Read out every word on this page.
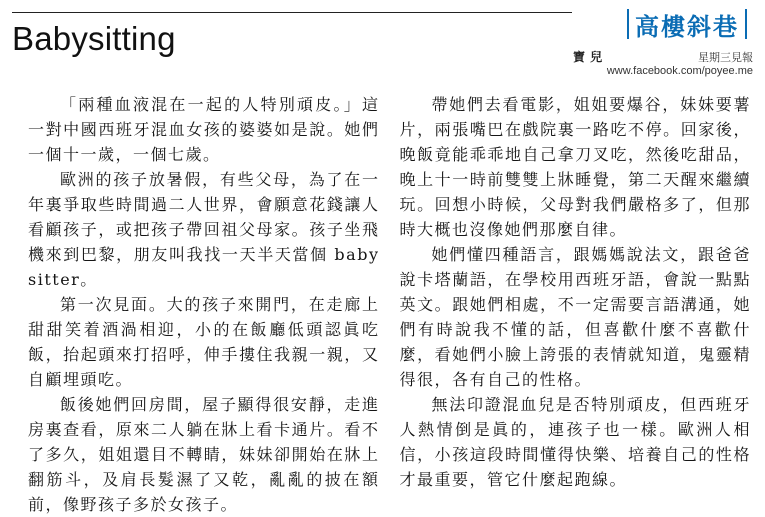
Babysitting	高樓斜巷
寶 兒	星期三見報
www.facebook.com/poyee.me

「兩種血液混在一起的人特別頑皮。」這一對中國西班牙混血女孩的婆婆如是說。她們一個十一歲，一個七歲。

歐洲的孩子放暑假，有些父母，為了在一年裏爭取些時間過二人世界，會願意花錢讓人看顧孩子，或把孩子帶回祖父母家。孩子坐飛機來到巴黎，朋友叫我找一天半天當個 baby sitter。

第一次見面。大的孩子來開門，在走廊上甜甜笑着酒渦相迎，小的在飯廳低頭認眞吃飯，抬起頭來打招呼，伸手摟住我親一親，又自顧埋頭吃。

飯後她們回房間，屋子顯得很安靜，走進房裏查看，原來二人躺在牀上看卡通片。看不了多久，姐姐還目不轉睛，妹妹卻開始在牀上翻筋斗，及肩長髮濕了又乾，亂亂的披在額前，像野孩子多於女孩子。

帶她們去看電影，姐姐要爆谷，妹妹要薯片，兩張嘴巴在戲院裏一路吃不停。回家後，晚飯竟能乖乖地自己拿刀叉吃，然後吃甜品，晚上十一時前雙雙上牀睡覺，第二天醒來繼續玩。回想小時候，父母對我們嚴格多了，但那時大概也沒像她們那麼自律。

她們懂四種語言，跟媽媽說法文，跟爸爸說卡塔蘭語，在學校用西班牙語，會說一點點英文。跟她們相處，不一定需要言語溝通，她們有時說我不懂的話，但喜歡什麼不喜歡什麼，看她們小臉上誇張的表情就知道，鬼靈精得很，各有自己的性格。

無法印證混血兒是否特別頑皮，但西班牙人熱情倒是眞的，連孩子也一樣。歐洲人相信，小孩這段時間懂得快樂、培養自己的性格才最重要，管它什麼起跑線。
